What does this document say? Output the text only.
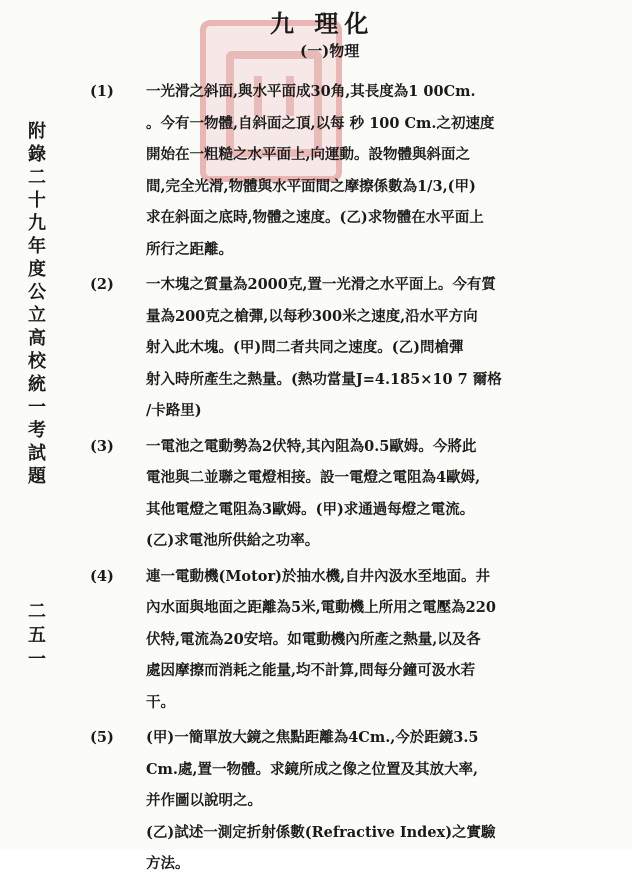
九 理化
(一)物理
附錄 二十九年度公立高校統一考試題
二五一
(1)	一光滑之斜面,與水平面成30角,其長度為1 00Cm.
。今有一物體,自斜面之頂,以每 秒 100 Cm.之初速度
開始在一粗糙之水平面上,向運動。設物體與斜面之
間,完全光滑,物體與水平面間之摩擦係數為1/3,(甲)
求在斜面之底時,物體之速度。(乙)求物體在水平面上
所行之距離。
(2)	一木塊之質量為2000克,置一光滑之水平面上。今有質
量為200克之槍彈,以每秒300米之速度,沿水平方向
射入此木塊。(甲)問二者共同之速度。(乙)問槍彈
射入時所產生之熱量。(熱功當量J=4.185×10 7 爾格
/卡路里)
(3)	一電池之電動勢為2伏特,其內阻為0.5歐姆。今將此
電池與二並聯之電燈相接。設一電燈之電阻為4歐姆,
其他電燈之電阻為3歐姆。(甲)求通過每燈之電流。
(乙)求電池所供給之功率。
(4)	連一電動機(Motor)於抽水機,自井內汲水至地面。井
內水面與地面之距離為5米,電動機上所用之電壓為220
伏特,電流為20安培。如電動機內所產之熱量,以及各
處因摩擦而消耗之能量,均不計算,問每分鐘可汲水若
干。
(5)	(甲)一簡單放大鏡之焦點距離為4Cm.,今於距鏡3.5
Cm.處,置一物體。求鏡所成之像之位置及其放大率,
并作圖以說明之。
(乙)試述一測定折射係數(Refractive Index)之實驗
方法。
